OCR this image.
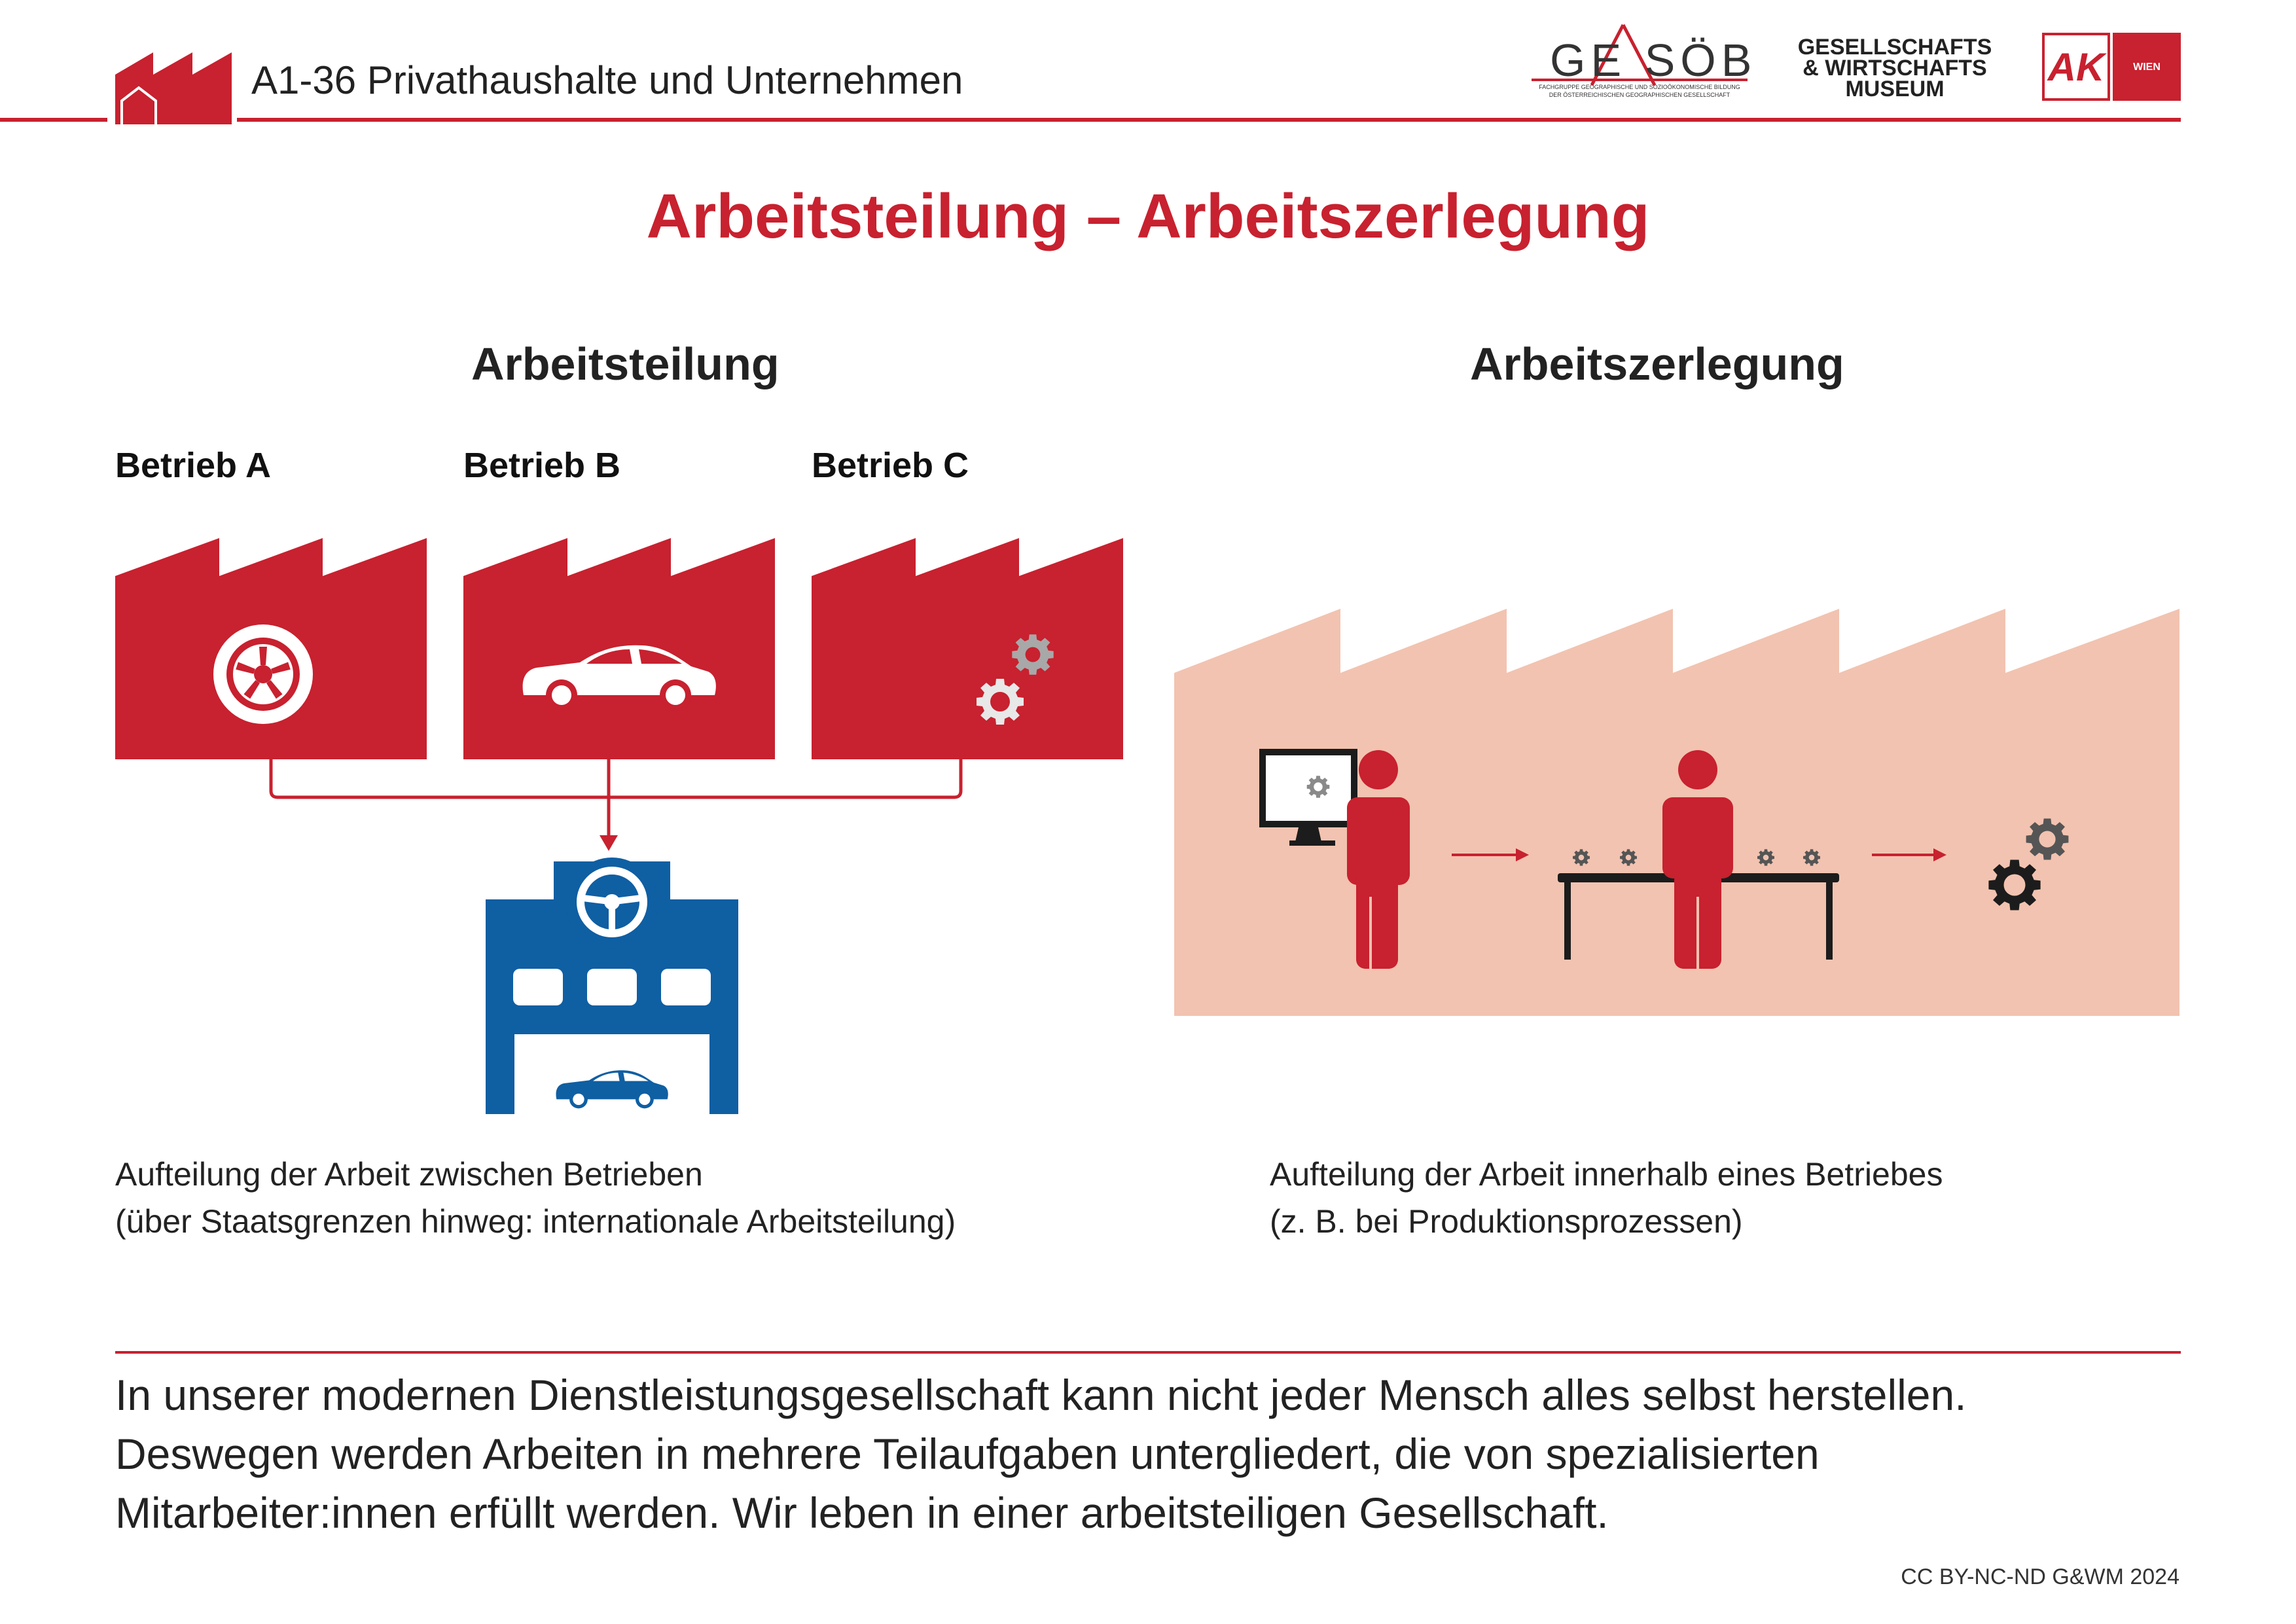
A1-36 Privathaushalte und Unternehmen	GE SÖB
FACHGRUPPE GEOGRAPHISCHE UND SOZIOÖKONOMISCHE BILDUNG
DER ÖSTERREICHISCHEN GEOGRAPHISCHEN GESELLSCHAFT
GESELLSCHAFTS
& WIRTSCHAFTS
MUSEUM	AK	WIEN
Arbeitsteilung – Arbeitszerlegung
Arbeitsteilung
Betrieb A	Betrieb B	Betrieb C
Aufteilung der Arbeit zwischen Betrieben
(über Staatsgrenzen hinweg: internationale Arbeitsteilung)
Arbeitszerlegung
Aufteilung der Arbeit innerhalb eines Betriebes
(z. B. bei Produktionsprozessen)
In unserer modernen Dienstleistungsgesellschaft kann nicht jeder Mensch alles selbst herstellen.
Deswegen werden Arbeiten in mehrere Teilaufgaben untergliedert, die von spezialisierten
Mitarbeiter:innen erfüllt werden. Wir leben in einer arbeitsteiligen Gesellschaft.
CC BY-NC-ND G&WM 2024
